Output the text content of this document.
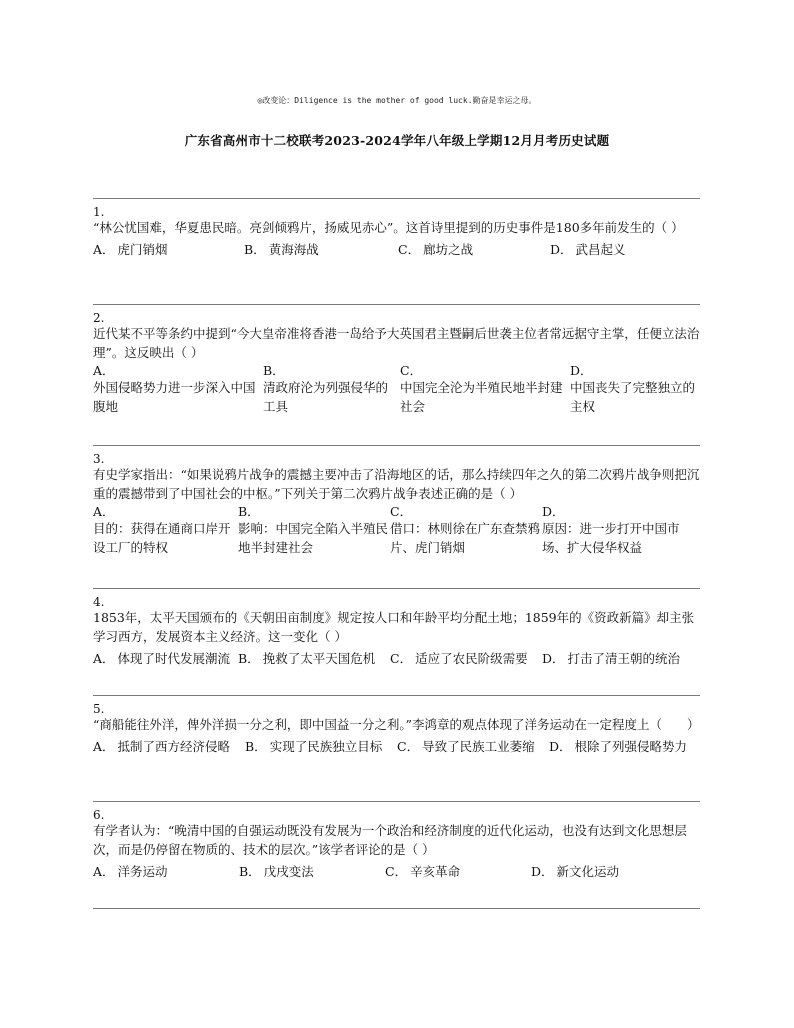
◎改变论：Diligence is the mother of good luck.勤奋是幸运之母。
广东省高州市十二校联考2023-2024学年八年级上学期12月月考历史试题
1.

“林公忧国难，华夏患民暗。亮剑倾鸦片，扬威见赤心”。这首诗里提到的历史事件是180多年前发生的（ ）

A． 虎门销烟	B． 黄海海战	C． 廊坊之战	D． 武昌起义
2.

近代某不平等条约中提到“今大皇帝准将香港一岛给予大英国君主暨嗣后世袭主位者常远据守主掌，任便立法治理”。这反映出（ ）

A．
外国侵略势力进一步深入中国腹地
B．
清政府沦为列强侵华的工具
C．
中国完全沦为半殖民地半封建社会
D．
中国丧失了完整独立的主权
3.

有史学家指出：“如果说鸦片战争的震撼主要冲击了沿海地区的话，那么持续四年之久的第二次鸦片战争则把沉重的震撼带到了中国社会的中枢。”下列关于第二次鸦片战争表述正确的是（ ）

A．
目的：获得在通商口岸开设工厂的特权
B．
影响：中国完全陷入半殖民地半封建社会
C．
借口：林则徐在广东查禁鸦片、虎门销烟
D．
原因：进一步打开中国市场、扩大侵华权益
4.

1853年，太平天国颁布的《天朝田亩制度》规定按人口和年龄平均分配土地；1859年的《资政新篇》却主张学习西方，发展资本主义经济。这一变化（ ）

A． 体现了时代发展潮流 B． 挽救了太平天国危机 C． 适应了农民阶级需要 D． 打击了清王朝的统治
5.

“商船能往外洋，俾外洋损一分之利，即中国益一分之利。”李鸿章的观点体现了洋务运动在一定程度上（　　）

A． 抵制了西方经济侵略 B． 实现了民族独立目标 C． 导致了民族工业萎缩 D． 根除了列强侵略势力
6.

有学者认为：“晚清中国的自强运动既没有发展为一个政治和经济制度的近代化运动，也没有达到文化思想层次，而是仍停留在物质的、技术的层次。”该学者评论的是（ ）

A． 洋务运动	B． 戊戌变法	C． 辛亥革命	D． 新文化运动
